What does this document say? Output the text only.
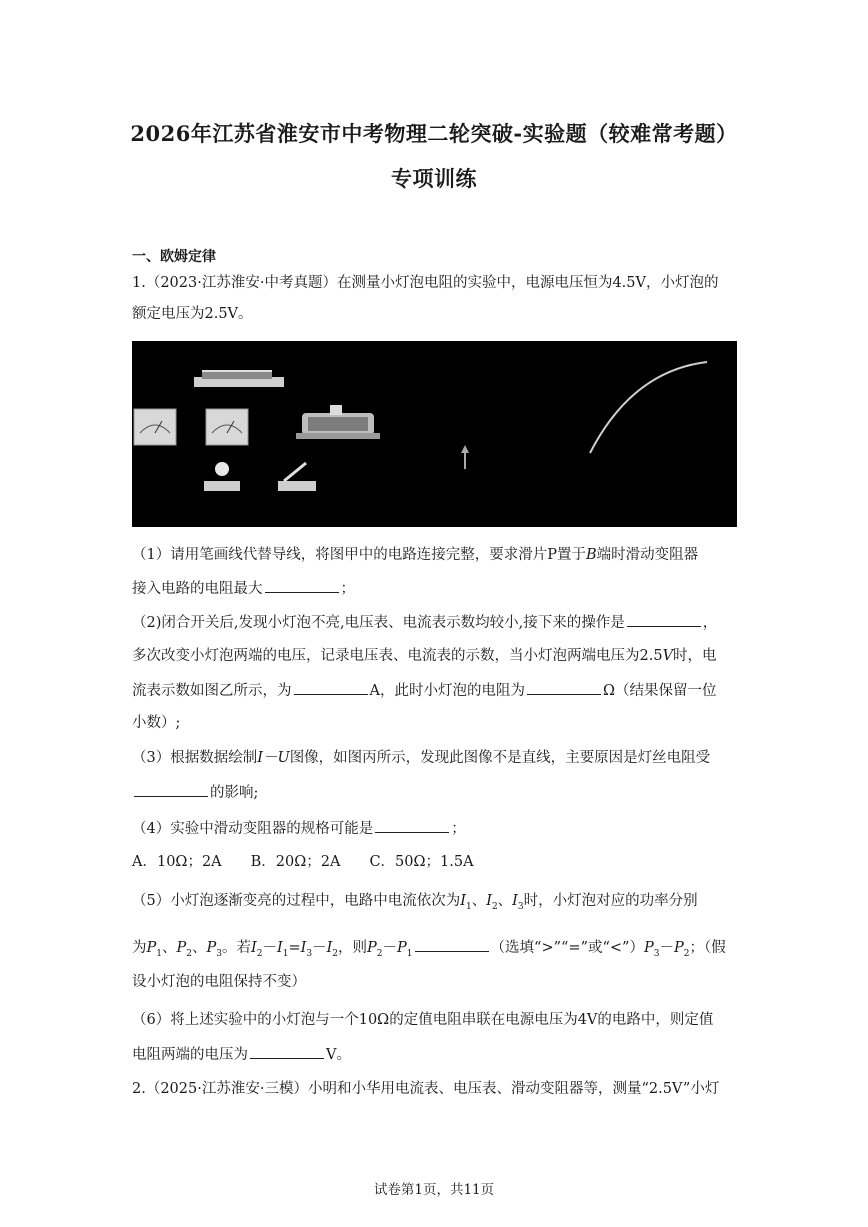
2026年江苏省淮安市中考物理二轮突破-实验题（较难常考题）
专项训练
一、欧姆定律
1.（2023·江苏淮安·中考真题）在测量小灯泡电阻的实验中，电源电压恒为4.5V，小灯泡的
额定电压为2.5V。
（1）请用笔画线代替导线，将图甲中的电路连接完整，要求滑片P置于B端时滑动变阻器
接入电路的电阻最大	；
（2)闭合开关后,发现小灯泡不亮,电压表、电流表示数均较小,接下来的操作是	，
多次改变小灯泡两端的电压，记录电压表、电流表的示数，当小灯泡两端电压为2.5V时，电
流表示数如图乙所示，为	A，此时小灯泡的电阻为	Ω（结果保留一位
小数）;
（3）根据数据绘制I－U图像，如图丙所示，发现此图像不是直线，主要原因是灯丝电阻受
的影响;
（4）实验中滑动变阻器的规格可能是	；
A．10Ω；2A　　B．20Ω；2A　　C．50Ω；1.5A
（5）小灯泡逐渐变亮的过程中，电路中电流依次为$I_1$、$I_2$、$I_3$时，小灯泡对应的功率分别
为$P_1$、$P_2$、$P_3$。若$I_2-I_1=I_3-I_2$，则$P_2-P_1$	（选填“>”“=”或“$<”)P_3-P_2$；（假
设小灯泡的电阻保持不变）
（6）将上述实验中的小灯泡与一个10Ω的定值电阻串联在电源电压为4V的电路中，则定值
电阻两端的电压为	V。
2.（2025·江苏淮安·三模）小明和小华用电流表、电压表、滑动变阻器等，测量“2.5V”小灯
试卷第1页，共11页
